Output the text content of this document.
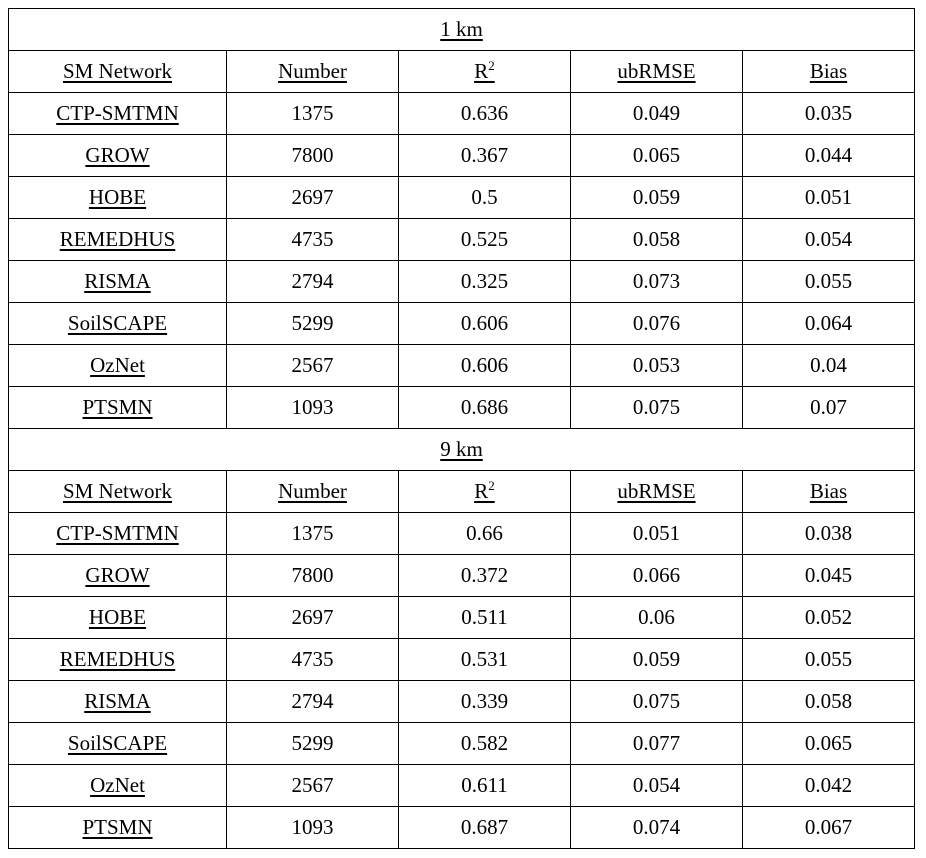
1 km				
SM Network	Number	$R^2$	ubRMSE	Bias
CTP-SMTMN	1375	0.636	0.049	0.035
GROW	7800	0.367	0.065	0.044
HOBE	2697	0.5	0.059	0.051
REMEDHUS	4735	0.525	0.058	0.054
RISMA	2794	0.325	0.073	0.055
SoilSCAPE	5299	0.606	0.076	0.064
OzNet	2567	0.606	0.053	0.04
PTSMN	1093	0.686	0.075	0.07
9 km				
SM Network	Number	$R^2$	ubRMSE	Bias
CTP-SMTMN	1375	0.66	0.051	0.038
GROW	7800	0.372	0.066	0.045
HOBE	2697	0.511	0.06	0.052
REMEDHUS	4735	0.531	0.059	0.055
RISMA	2794	0.339	0.075	0.058
SoilSCAPE	5299	0.582	0.077	0.065
OzNet	2567	0.611	0.054	0.042
PTSMN	1093	0.687	0.074	0.067
